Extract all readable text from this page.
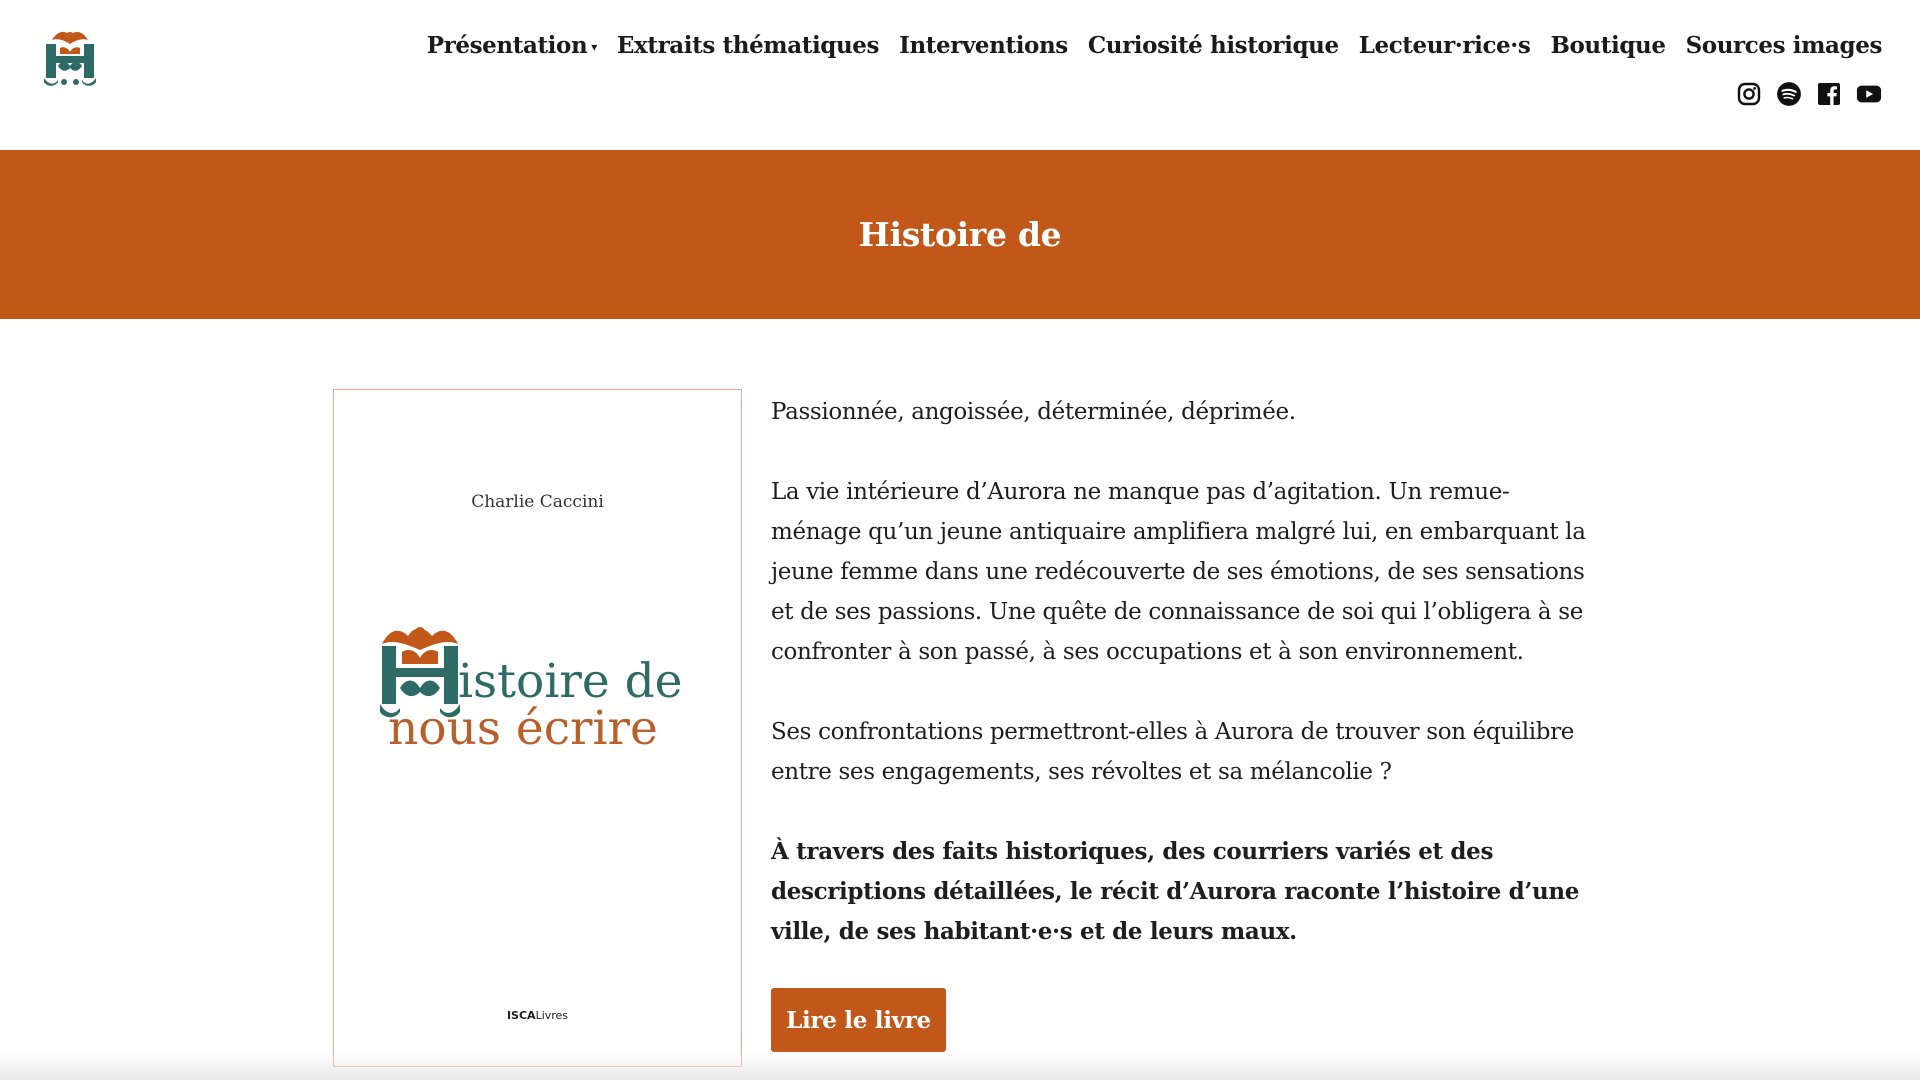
Présentation ▾ Extraits thématiques Interventions Curiosité historique Lecteur·rice·s Boutique Sources images
Histoire de
Charlie Caccini
istoire de
nous écrire
ISCALivres

Passionnée, angoissée, déterminée, déprimée.

La vie intérieure d’Aurora ne manque pas d’agitation. Un remue-ménage qu’un jeune antiquaire amplifiera malgré lui, en embarquant la jeune femme dans une redécouverte de ses émotions, de ses sensations et de ses passions. Une quête de connaissance de soi qui l’obligera à se confronter à son passé, à ses occupations et à son environnement.

Ses confrontations permettront-elles à Aurora de trouver son équilibre entre ses engagements, ses révoltes et sa mélancolie ?

À travers des faits historiques, des courriers variés et des descriptions détaillées, le récit d’Aurora raconte l’histoire d’une ville, de ses habitant·e·s et de leurs maux.

Lire le livre
